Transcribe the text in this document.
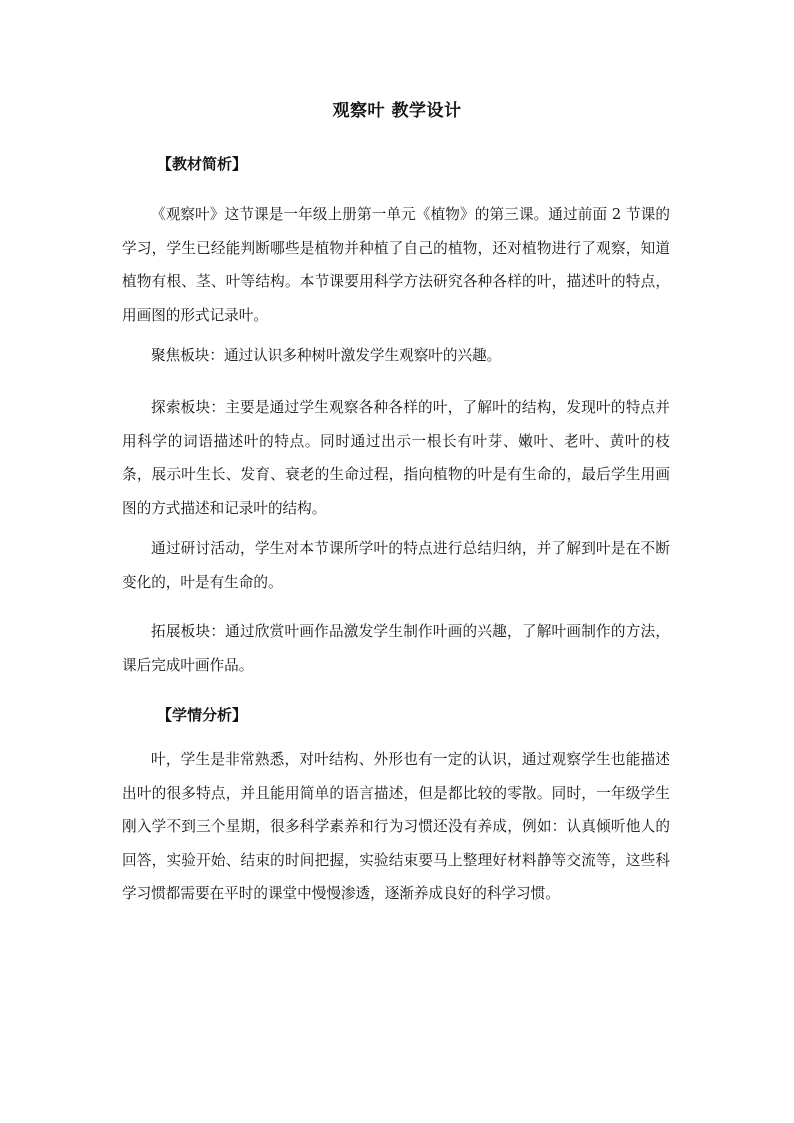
观察叶 教学设计
【教材简析】

《观察叶》这节课是一年级上册第一单元《植物》的第三课。通过前面 2 节课的学习，学生已经能判断哪些是植物并种植了自己的植物，还对植物进行了观察，知道植物有根、茎、叶等结构。本节课要用科学方法研究各种各样的叶，描述叶的特点，用画图的形式记录叶。

聚焦板块：通过认识多种树叶激发学生观察叶的兴趣。

探索板块：主要是通过学生观察各种各样的叶，了解叶的结构，发现叶的特点并用科学的词语描述叶的特点。同时通过出示一根长有叶芽、嫩叶、老叶、黄叶的枝条，展示叶生长、发育、衰老的生命过程，指向植物的叶是有生命的，最后学生用画图的方式描述和记录叶的结构。

通过研讨活动，学生对本节课所学叶的特点进行总结归纳，并了解到叶是在不断变化的，叶是有生命的。

拓展板块：通过欣赏叶画作品激发学生制作叶画的兴趣，了解叶画制作的方法，课后完成叶画作品。

【学情分析】

叶，学生是非常熟悉，对叶结构、外形也有一定的认识，通过观察学生也能描述出叶的很多特点，并且能用简单的语言描述，但是都比较的零散。同时，一年级学生刚入学不到三个星期，很多科学素养和行为习惯还没有养成，例如：认真倾听他人的回答，实验开始、结束的时间把握，实验结束要马上整理好材料静等交流等，这些科学习惯都需要在平时的课堂中慢慢渗透，逐渐养成良好的科学习惯。
